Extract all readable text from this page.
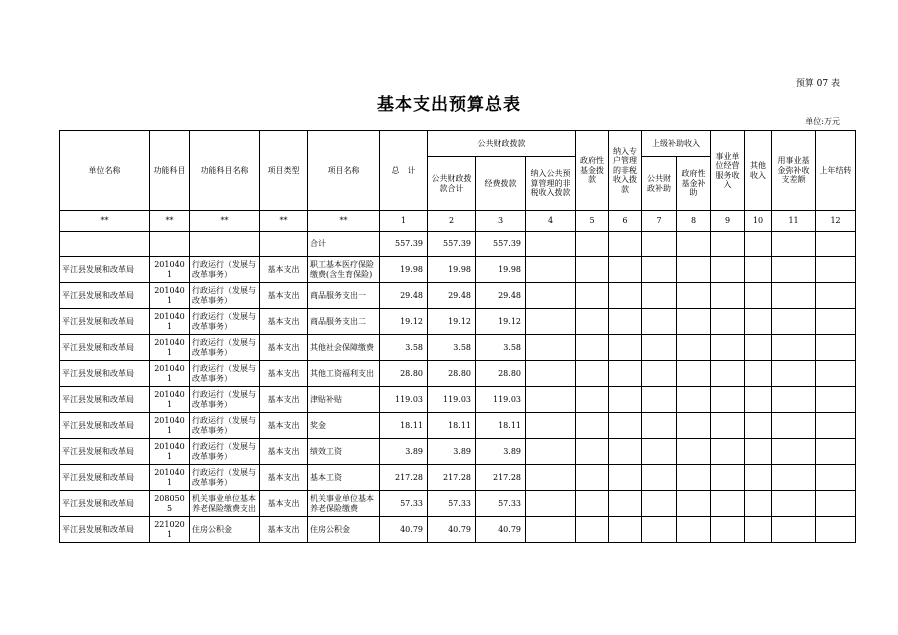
预算 07 表
基本支出预算总表
单位:万元
单位名称	功能科目	功能科目名称	项目类型	项目名称	总　计	公共财政拨款			政府性基金拨款	纳入专户管理的非税收入拨款	上级补助收入		事业单位经营服务收入	其他收入	用事业基金弥补收支差额	上年结转
						公共财政拨款合计	经费拨款	纳入公共预算管理的非税收入拨款			公共财政补助	政府性基金补助				
**	**	**	**	**	1	2	3	4	5	6	7	8	9	10	11	12
				合计	557.39	557.39	557.39									
平江县发展和改革局	2010401	行政运行（发展与改革事务）	基本支出	职工基本医疗保险缴费(含生育保险)	19.98	19.98	19.98									
平江县发展和改革局	2010401	行政运行（发展与改革事务）	基本支出	商品服务支出一	29.48	29.48	29.48									
平江县发展和改革局	2010401	行政运行（发展与改革事务）	基本支出	商品服务支出二	19.12	19.12	19.12									
平江县发展和改革局	2010401	行政运行（发展与改革事务）	基本支出	其他社会保障缴费	3.58	3.58	3.58									
平江县发展和改革局	2010401	行政运行（发展与改革事务）	基本支出	其他工资福利支出	28.80	28.80	28.80									
平江县发展和改革局	2010401	行政运行（发展与改革事务）	基本支出	津贴补贴	119.03	119.03	119.03									
平江县发展和改革局	2010401	行政运行（发展与改革事务）	基本支出	奖金	18.11	18.11	18.11									
平江县发展和改革局	2010401	行政运行（发展与改革事务）	基本支出	绩效工资	3.89	3.89	3.89									
平江县发展和改革局	2010401	行政运行（发展与改革事务）	基本支出	基本工资	217.28	217.28	217.28									
平江县发展和改革局	2080505	机关事业单位基本养老保险缴费支出	基本支出	机关事业单位基本养老保险缴费	57.33	57.33	57.33									
平江县发展和改革局	2210201	住房公积金	基本支出	住房公积金	40.79	40.79	40.79									
